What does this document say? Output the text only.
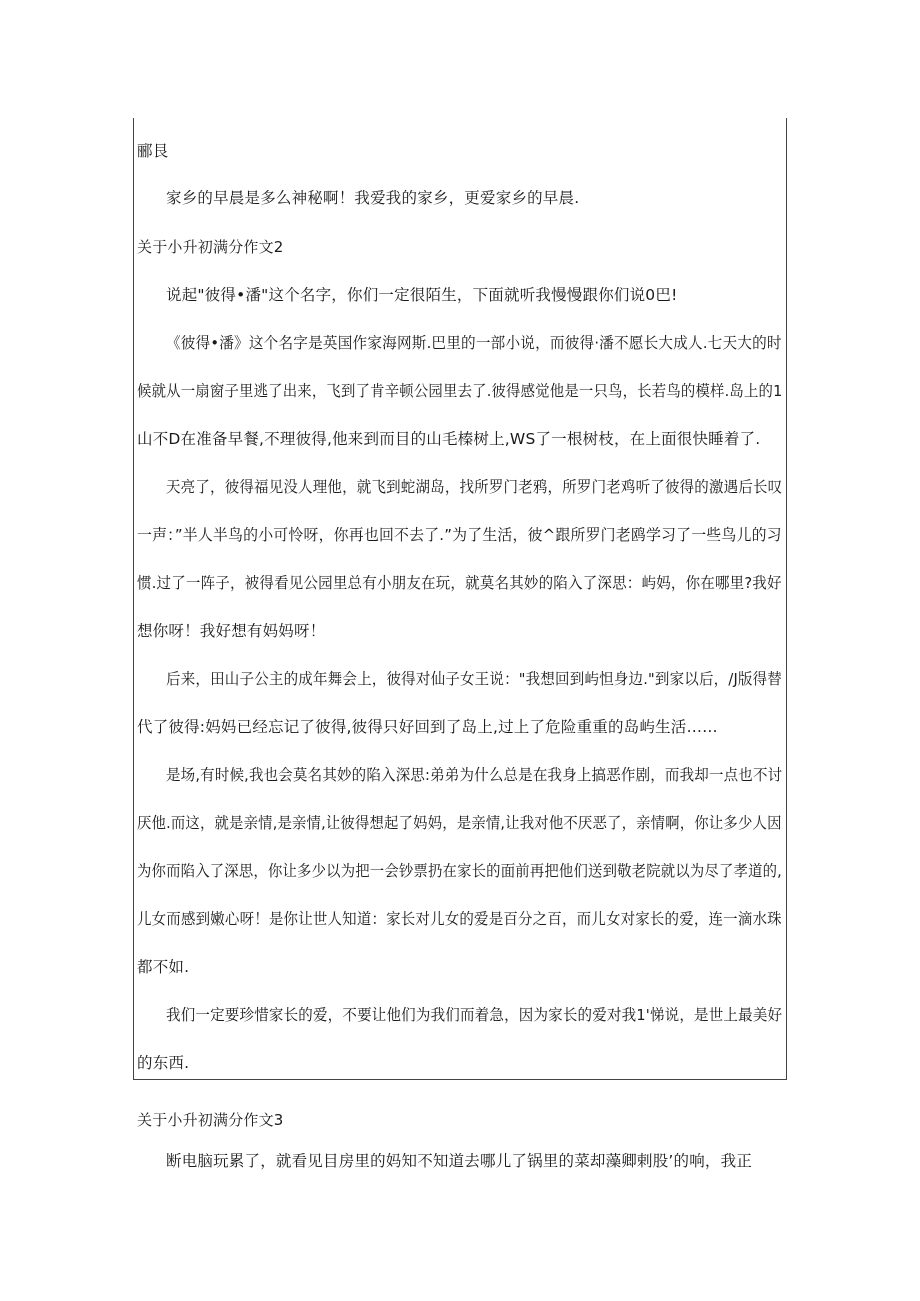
郦艮
家乡的早晨是多么神秘啊！我爱我的家乡，更爱家乡的早晨.
关于小升初满分作文2
说起"彼得•潘"这个名字，你们一定很陌生，下面就听我慢慢跟你们说0巴!
《彼得•潘》这个名字是英国作家海网斯.巴里的一部小说，而彼得·潘不愿长大成人.七天大的时
候就从一扇窗子里逃了出来，飞到了肯辛顿公园里去了.彼得感觉他是一只鸟，长若鸟的模样.岛上的1
山不D在准备早餐,不理彼得,他来到而目的山毛榛树上,WS了一根树枝，在上面很快睡着了.
天亮了，彼得福见没人理他，就飞到蛇湖岛，找所罗门老鸦，所罗门老鸡听了彼得的激遇后长叹
一声：”半人半鸟的小可怜呀，你再也回不去了.”为了生活，彼^跟所罗门老鸥学习了一些鸟儿的习
惯.过了一阵子，被得看见公园里总有小朋友在玩，就莫名其妙的陷入了深思：屿妈，你在哪里?我好
想你呀！我好想有妈妈呀！
后来，田山子公主的成年舞会上，彼得对仙子女王说："我想回到屿怛身边."到家以后，/J版得替
代了彼得:妈妈已经忘记了彼得,彼得只好回到了岛上,过上了危险重重的岛屿生活……
是场,有时候,我也会莫名其妙的陷入深思:弟弟为什么总是在我身上搞恶作剧，而我却一点也不讨
厌他.而这，就是亲情,是亲情,让彼得想起了妈妈，是亲情,让我对他不厌恶了，亲情啊，你让多少人因
为你而陷入了深思，你让多少以为把一会钞票扔在家长的面前再把他们送到敬老院就以为尽了孝道的,
儿女而感到嫩心呀！是你让世人知道：家长对儿女的爱是百分之百，而儿女对家长的爱，连一滴水珠
都不如.
我们一定要珍惜家长的爱，不要让他们为我们而着急，因为家长的爱对我1'悌说，是世上最美好
的东西.
关于小升初满分作文3
断电脑玩累了，就看见目房里的妈知不知道去哪儿了锅里的菜却藻卿剌股’的响，我正
